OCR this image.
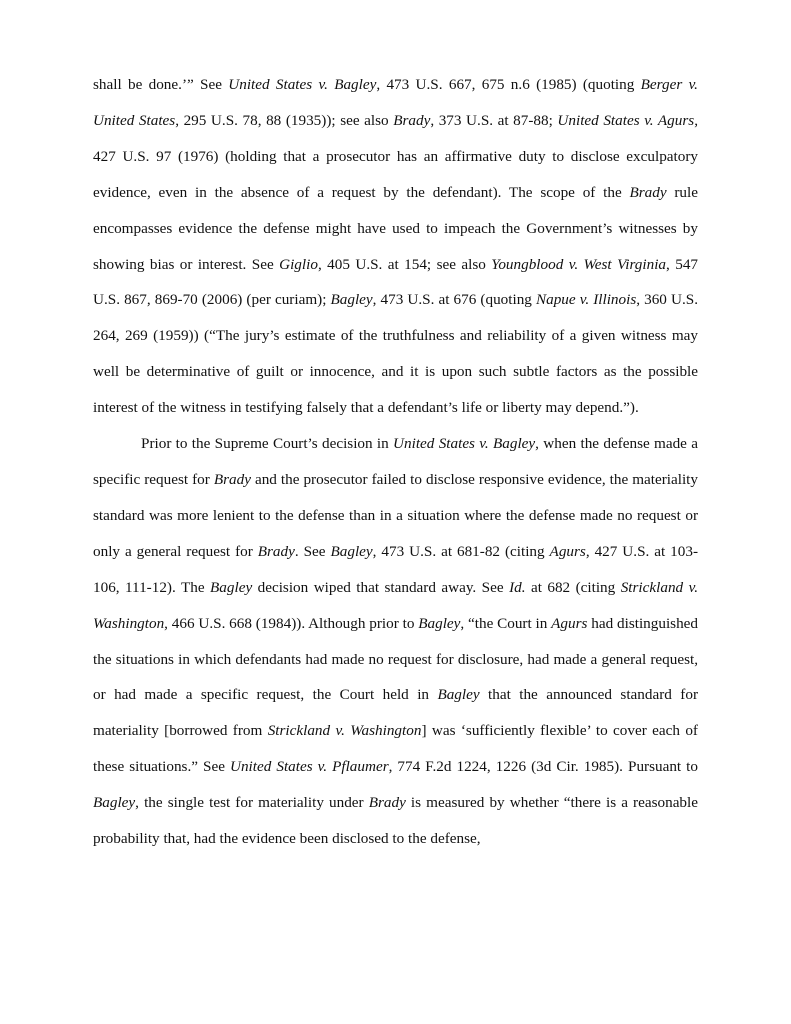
shall be done.’” See United States v. Bagley, 473 U.S. 667, 675 n.6 (1985) (quoting Berger v. United States, 295 U.S. 78, 88 (1935)); see also Brady, 373 U.S. at 87-88; United States v. Agurs, 427 U.S. 97 (1976) (holding that a prosecutor has an affirmative duty to disclose exculpatory evidence, even in the absence of a request by the defendant). The scope of the Brady rule encompasses evidence the defense might have used to impeach the Government’s witnesses by showing bias or interest. See Giglio, 405 U.S. at 154; see also Youngblood v. West Virginia, 547 U.S. 867, 869-70 (2006) (per curiam); Bagley, 473 U.S. at 676 (quoting Napue v. Illinois, 360 U.S. 264, 269 (1959)) (“The jury’s estimate of the truthfulness and reliability of a given witness may well be determinative of guilt or innocence, and it is upon such subtle factors as the possible interest of the witness in testifying falsely that a defendant’s life or liberty may depend.”).

Prior to the Supreme Court’s decision in United States v. Bagley, when the defense made a specific request for Brady and the prosecutor failed to disclose responsive evidence, the materiality standard was more lenient to the defense than in a situation where the defense made no request or only a general request for Brady. See Bagley, 473 U.S. at 681-82 (citing Agurs, 427 U.S. at 103-106, 111-12). The Bagley decision wiped that standard away. See Id. at 682 (citing Strickland v. Washington, 466 U.S. 668 (1984)). Although prior to Bagley, “the Court in Agurs had distinguished the situations in which defendants had made no request for disclosure, had made a general request, or had made a specific request, the Court held in Bagley that the announced standard for materiality [borrowed from Strickland v. Washington] was ‘sufficiently flexible’ to cover each of these situations.” See United States v. Pflaumer, 774 F.2d 1224, 1226 (3d Cir. 1985). Pursuant to Bagley, the single test for materiality under Brady is measured by whether “there is a reasonable probability that, had the evidence been disclosed to the defense,
